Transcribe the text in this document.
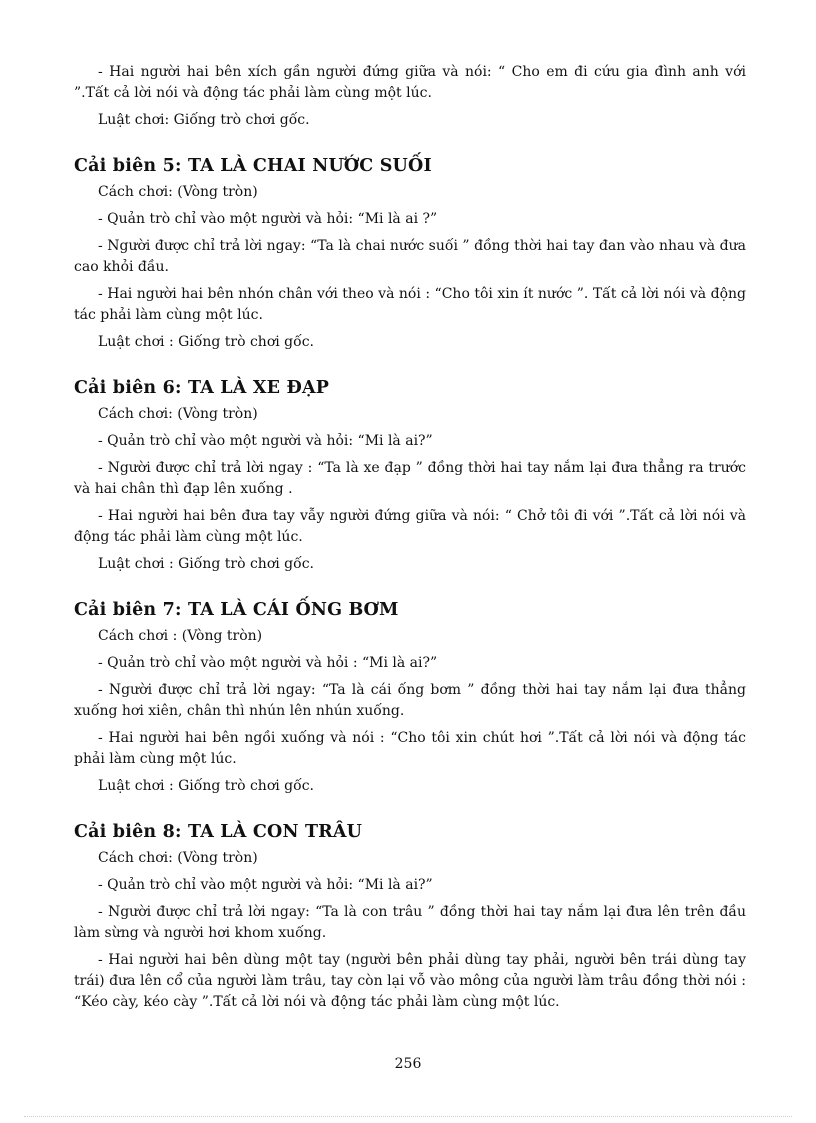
- Hai người hai bên xích gần người đứng giữa và nói: “ Cho em đi cứu gia đình anh với ”.Tất cả lời nói và động tác phải làm cùng một lúc.

Luật chơi: Giống trò chơi gốc.

Cải biên 5: TA LÀ CHAI NƯỚC SUỐI

Cách chơi: (Vòng tròn)

- Quản trò chỉ vào một người và hỏi: “Mi là ai ?”

- Người được chỉ trả lời ngay: “Ta là chai nước suối ” đồng thời hai tay đan vào nhau và đưa cao khỏi đầu.

- Hai người hai bên nhón chân với theo và nói : “Cho tôi xin ít nước ”. Tất cả lời nói và động tác phải làm cùng một lúc.

Luật chơi : Giống trò chơi gốc.

Cải biên 6: TA LÀ XE ĐẠP

Cách chơi: (Vòng tròn)

- Quản trò chỉ vào một người và hỏi: “Mi là ai?”

- Người được chỉ trả lời ngay : “Ta là xe đạp ” đồng thời hai tay nắm lại đưa thẳng ra trước và hai chân thì đạp lên xuống .

- Hai người hai bên đưa tay vẫy người đứng giữa và nói: “ Chở tôi đi với ”.Tất cả lời nói và động tác phải làm cùng một lúc.

Luật chơi : Giống trò chơi gốc.

Cải biên 7: TA LÀ CÁI ỐNG BƠM

Cách chơi : (Vòng tròn)

- Quản trò chỉ vào một người và hỏi : “Mi là ai?”

- Người được chỉ trả lời ngay: “Ta là cái ống bơm ” đồng thời hai tay nắm lại đưa thẳng xuống hơi xiên, chân thì nhún lên nhún xuống.

- Hai người hai bên ngồi xuống và nói : “Cho tôi xin chút hơi ”.Tất cả lời nói và động tác phải làm cùng một lúc.

Luật chơi : Giống trò chơi gốc.

Cải biên 8: TA LÀ CON TRÂU

Cách chơi: (Vòng tròn)

- Quản trò chỉ vào một người và hỏi: “Mi là ai?”

- Người được chỉ trả lời ngay: “Ta là con trâu ” đồng thời hai tay nắm lại đưa lên trên đầu làm sừng và người hơi khom xuống.

- Hai người hai bên dùng một tay (người bên phải dùng tay phải, người bên trái dùng tay trái) đưa lên cổ của người làm trâu, tay còn lại vỗ vào mông của người làm trâu đồng thời nói : “Kéo cày, kéo cày ”.Tất cả lời nói và động tác phải làm cùng một lúc.

256
